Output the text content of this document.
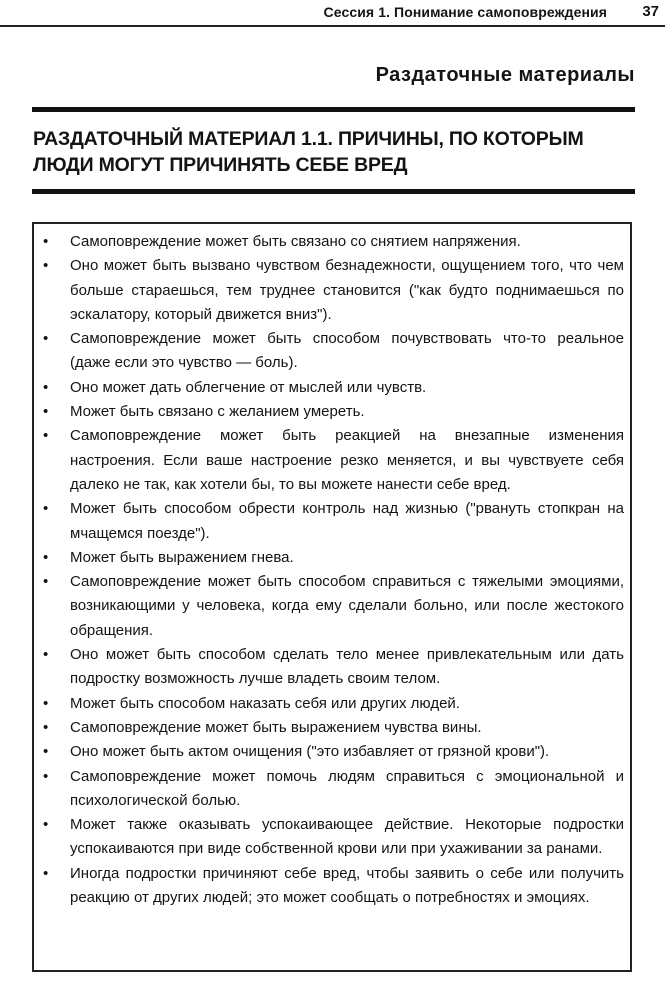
Сессия 1. Понимание самоповреждения 37
Раздаточные материалы
РАЗДАТОЧНЫЙ МАТЕРИАЛ 1.1. ПРИЧИНЫ, ПО КОТОРЫМ
ЛЮДИ МОГУТ ПРИЧИНЯТЬ СЕБЕ ВРЕД
• Самоповреждение может быть связано со снятием напряжения.
• Оно может быть вызвано чувством безнадежности, ощущением того, что чем больше стараешься, тем труднее становится ("как будто поднимаешься по эскалатору, который движется вниз").
• Самоповреждение может быть способом почувствовать что-то реальное (даже если это чувство — боль).
• Оно может дать облегчение от мыслей или чувств.
• Может быть связано с желанием умереть.
• Самоповреждение может быть реакцией на внезапные изменения настроения. Если ваше настроение резко меняется, и вы чувствуете себя далеко не так, как хотели бы, то вы можете нанести себе вред.
• Может быть способом обрести контроль над жизнью ("рвануть стопкран на мчащемся поезде").
• Может быть выражением гнева.
• Самоповреждение может быть способом справиться с тяжелыми эмоциями, возникающими у человека, когда ему сделали больно, или после жестокого обращения.
• Оно может быть способом сделать тело менее привлекательным или дать подростку возможность лучше владеть своим телом.
• Может быть способом наказать себя или других людей.
• Самоповреждение может быть выражением чувства вины.
• Оно может быть актом очищения ("это избавляет от грязной крови").
• Самоповреждение может помочь людям справиться с эмоциональной и психологической болью.
• Может также оказывать успокаивающее действие. Некоторые подростки успокаиваются при виде собственной крови или при ухаживании за ранами.
• Иногда подростки причиняют себе вред, чтобы заявить о себе или получить реакцию от других людей; это может сообщать о потребностях и эмоциях.
